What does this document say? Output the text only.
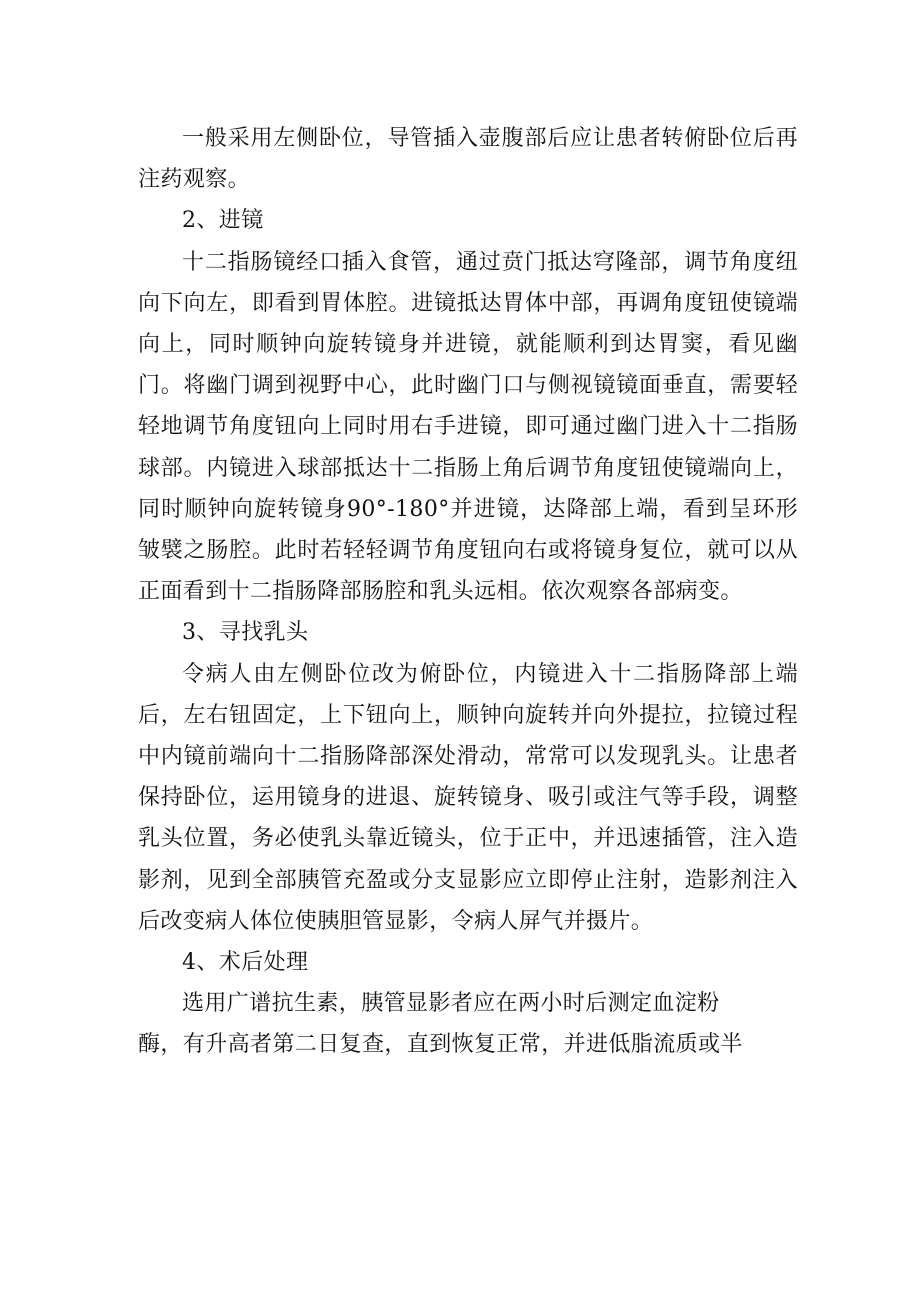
一般采用左侧卧位，导管插入壶腹部后应让患者转俯卧位后再注药观察。

2、进镜

十二指肠镜经口插入食管，通过贲门抵达穹隆部，调节角度纽向下向左，即看到胃体腔。进镜抵达胃体中部，再调角度钮使镜端向上，同时顺钟向旋转镜身并进镜，就能顺利到达胃窦，看见幽门。将幽门调到视野中心，此时幽门口与侧视镜镜面垂直，需要轻轻地调节角度钮向上同时用右手进镜，即可通过幽门进入十二指肠球部。内镜进入球部抵达十二指肠上角后调节角度钮使镜端向上，同时顺钟向旋转镜身90°-180°并进镜，达降部上端，看到呈环形皱襞之肠腔。此时若轻轻调节角度钮向右或将镜身复位，就可以从正面看到十二指肠降部肠腔和乳头远相。依次观察各部病变。

3、寻找乳头

令病人由左侧卧位改为俯卧位，内镜进入十二指肠降部上端后，左右钮固定，上下钮向上，顺钟向旋转并向外提拉，拉镜过程中内镜前端向十二指肠降部深处滑动，常常可以发现乳头。让患者保持卧位，运用镜身的进退、旋转镜身、吸引或注气等手段，调整乳头位置，务必使乳头靠近镜头，位于正中，并迅速插管，注入造影剂，见到全部胰管充盈或分支显影应立即停止注射，造影剂注入后改变病人体位使胰胆管显影，令病人屏气并摄片。

4、术后处理

选用广谱抗生素，胰管显影者应在两小时后测定血淀粉
酶，有升高者第二日复查，直到恢复正常，并进低脂流质或半
